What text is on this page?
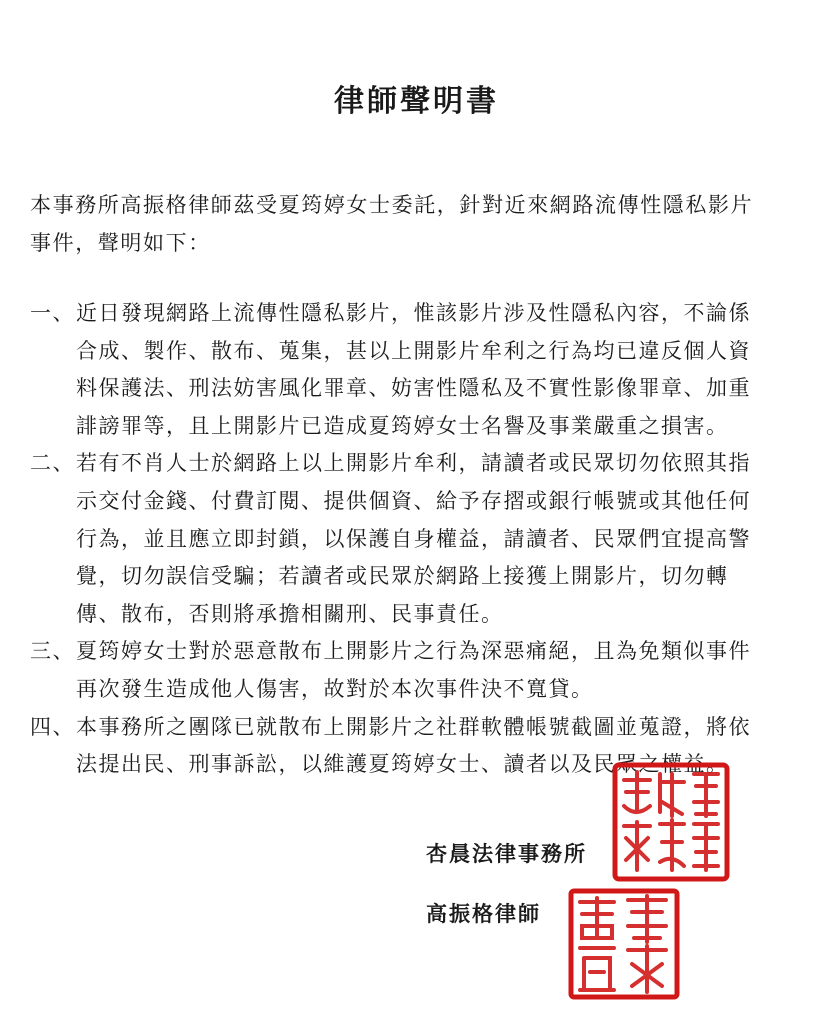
律師聲明書

本事務所高振格律師茲受夏筠婷女士委託，針對近來網路流傳性隱私影片
事件，聲明如下：

一、 近日發現網路上流傳性隱私影片，惟該影片涉及性隱私內容，不論係
合成、製作、散布、蒐集，甚以上開影片牟利之行為均已違反個人資
料保護法、刑法妨害風化罪章、妨害性隱私及不實性影像罪章、加重
誹謗罪等，且上開影片已造成夏筠婷女士名譽及事業嚴重之損害。
二、 若有不肖人士於網路上以上開影片牟利，請讀者或民眾切勿依照其指
示交付金錢、付費訂閱、提供個資、給予存摺或銀行帳號或其他任何
行為，並且應立即封鎖，以保護自身權益，請讀者、民眾們宜提高警
覺，切勿誤信受騙；若讀者或民眾於網路上接獲上開影片，切勿轉
傳、散布，否則將承擔相關刑、民事責任。
三、 夏筠婷女士對於惡意散布上開影片之行為深惡痛絕，且為免類似事件
再次發生造成他人傷害，故對於本次事件決不寬貸。
四、 本事務所之團隊已就散布上開影片之社群軟體帳號截圖並蒐證，將依
法提出民、刑事訴訟，以維護夏筠婷女士、讀者以及民眾之權益。
杏晨法律事務所
高振格律師
